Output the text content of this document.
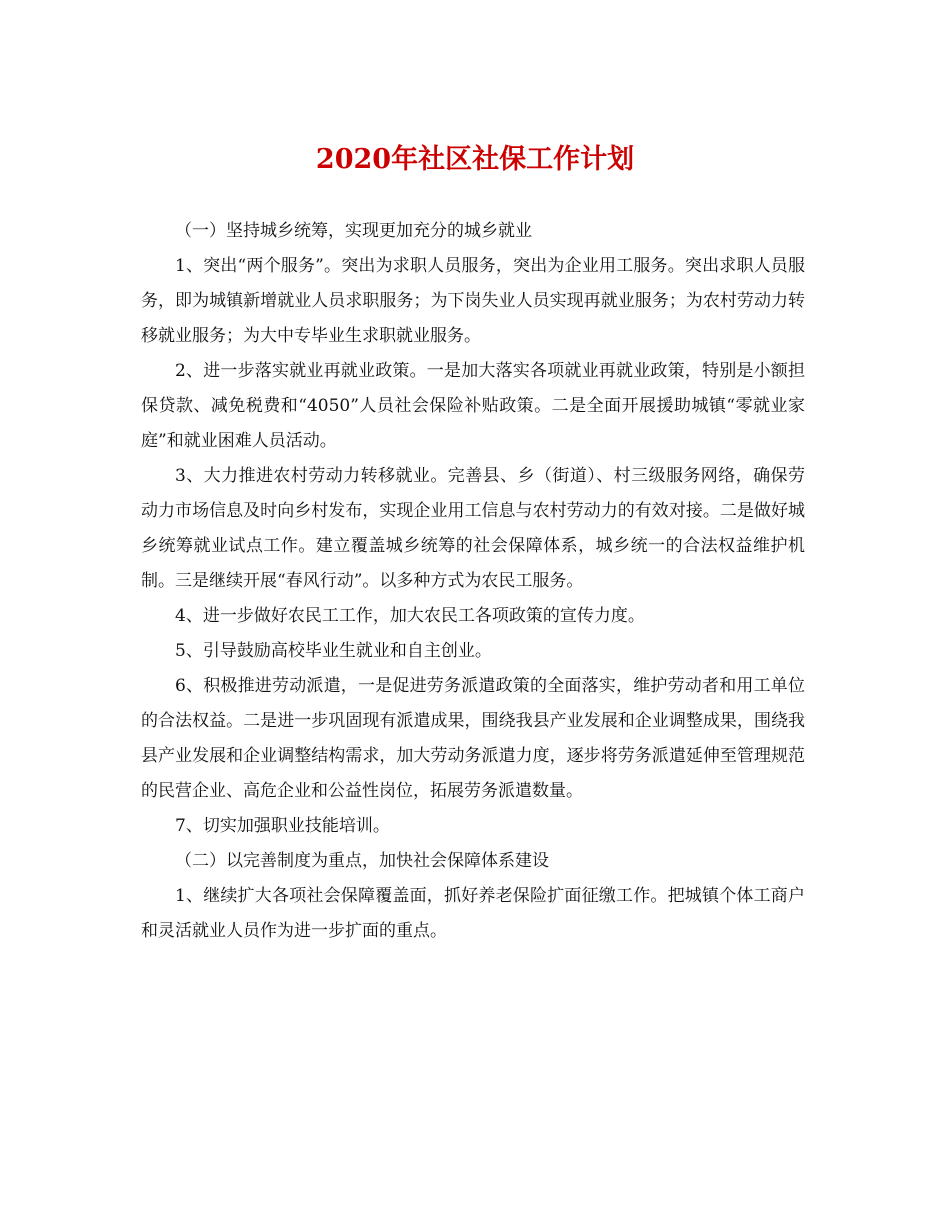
2020年社区社保工作计划

（一）坚持城乡统筹，实现更加充分的城乡就业

1、突出“两个服务”。突出为求职人员服务，突出为企业用工服务。突出求职人员服务，即为城镇新增就业人员求职服务；为下岗失业人员实现再就业服务；为农村劳动力转移就业服务；为大中专毕业生求职就业服务。

2、进一步落实就业再就业政策。一是加大落实各项就业再就业政策，特别是小额担保贷款、减免税费和“4050”人员社会保险补贴政策。二是全面开展援助城镇“零就业家庭”和就业困难人员活动。

3、大力推进农村劳动力转移就业。完善县、乡（街道）、村三级服务网络，确保劳动力市场信息及时向乡村发布，实现企业用工信息与农村劳动力的有效对接。二是做好城乡统筹就业试点工作。建立覆盖城乡统筹的社会保障体系，城乡统一的合法权益维护机制。三是继续开展“春风行动”。以多种方式为农民工服务。

4、进一步做好农民工工作，加大农民工各项政策的宣传力度。

5、引导鼓励高校毕业生就业和自主创业。

6、积极推进劳动派遣，一是促进劳务派遣政策的全面落实，维护劳动者和用工单位的合法权益。二是进一步巩固现有派遣成果，围绕我县产业发展和企业调整成果，围绕我县产业发展和企业调整结构需求，加大劳动务派遣力度，逐步将劳务派遣延伸至管理规范的民营企业、高危企业和公益性岗位，拓展劳务派遣数量。

7、切实加强职业技能培训。

（二）以完善制度为重点，加快社会保障体系建设

1、继续扩大各项社会保障覆盖面，抓好养老保险扩面征缴工作。把城镇个体工商户和灵活就业人员作为进一步扩面的重点。
